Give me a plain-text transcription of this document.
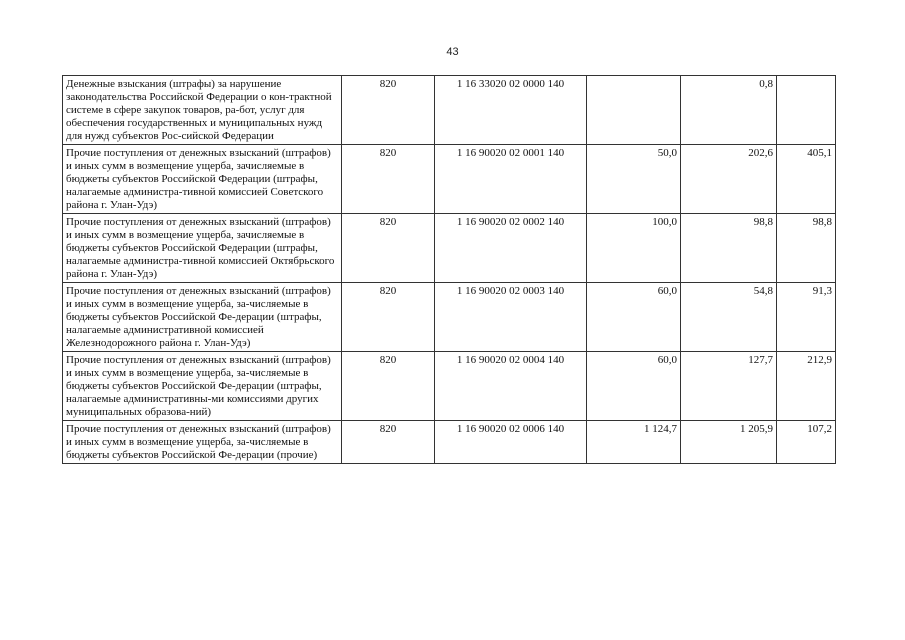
43
Денежные взыскания (штрафы) за нарушение законодательства Российской Федерации о кон-трактной системе в сфере закупок товаров, ра-бот, услуг для обеспечения государственных и муниципальных нужд для нужд субъектов Рос-сийской Федерации	820	1 16 33020 02 0000 140		0,8	
Прочие поступления от денежных взысканий (штрафов) и иных сумм в возмещение ущерба, зачисляемые в бюджеты субъектов Российской Федерации (штрафы, налагаемые администра-тивной комиссией Советского района г. Улан-Удэ)	820	1 16 90020 02 0001 140	50,0	202,6	405,1
Прочие поступления от денежных взысканий (штрафов) и иных сумм в возмещение ущерба, зачисляемые в бюджеты субъектов Российской Федерации (штрафы, налагаемые администра-тивной комиссией Октябрьского района г. Улан-Удэ)	820	1 16 90020 02 0002 140	100,0	98,8	98,8
Прочие поступления от денежных взысканий (штрафов) и иных сумм в возмещение ущерба, за-числяемые в бюджеты субъектов Российской Фе-дерации (штрафы, налагаемые административной комиссией Железнодорожного района г. Улан-Удэ)	820	1 16 90020 02 0003 140	60,0	54,8	91,3
Прочие поступления от денежных взысканий (штрафов) и иных сумм в возмещение ущерба, за-числяемые в бюджеты субъектов Российской Фе-дерации (штрафы, налагаемые административны-ми комиссиями других муниципальных образова-ний)	820	1 16 90020 02 0004 140	60,0	127,7	212,9
Прочие поступления от денежных взысканий (штрафов) и иных сумм в возмещение ущерба, за-числяемые в бюджеты субъектов Российской Фе-дерации (прочие)	820	1 16 90020 02 0006 140	1 124,7	1 205,9	107,2
